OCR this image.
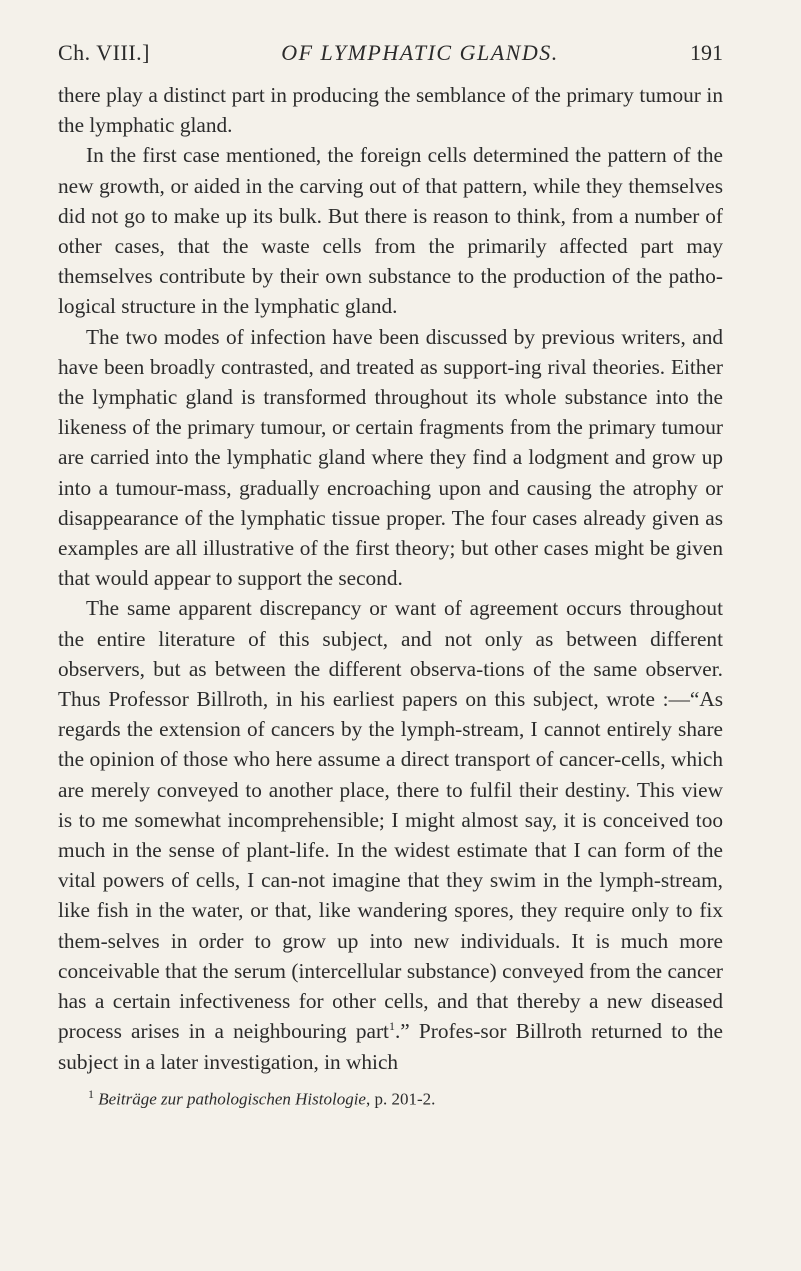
Ch. VIII.]	OF LYMPHATIC GLANDS.	191

there play a distinct part in producing the semblance of the primary tumour in the lymphatic gland.

In the first case mentioned, the foreign cells determined the pattern of the new growth, or aided in the carving out of that pattern, while they themselves did not go to make up its bulk. But there is reason to think, from a number of other cases, that the waste cells from the primarily affected part may themselves contribute by their own substance to the production of the patho-logical structure in the lymphatic gland.

The two modes of infection have been discussed by previous writers, and have been broadly contrasted, and treated as support-ing rival theories. Either the lymphatic gland is transformed throughout its whole substance into the likeness of the primary tumour, or certain fragments from the primary tumour are carried into the lymphatic gland where they find a lodgment and grow up into a tumour-mass, gradually encroaching upon and causing the atrophy or disappearance of the lymphatic tissue proper. The four cases already given as examples are all illustrative of the first theory; but other cases might be given that would appear to support the second.

The same apparent discrepancy or want of agreement occurs throughout the entire literature of this subject, and not only as between different observers, but as between the different observa-tions of the same observer. Thus Professor Billroth, in his earliest papers on this subject, wrote :—“As regards the extension of cancers by the lymph-stream, I cannot entirely share the opinion of those who here assume a direct transport of cancer-cells, which are merely conveyed to another place, there to fulfil their destiny. This view is to me somewhat incomprehensible; I might almost say, it is conceived too much in the sense of plant-life. In the widest estimate that I can form of the vital powers of cells, I can-not imagine that they swim in the lymph-stream, like fish in the water, or that, like wandering spores, they require only to fix them-selves in order to grow up into new individuals. It is much more conceivable that the serum (intercellular substance) conveyed from the cancer has a certain infectiveness for other cells, and that thereby a new diseased process arises in a neighbouring part$^1$.” Profes-sor Billroth returned to the subject in a later investigation, in which

$^1$ Beiträge zur pathologischen Histologie, p. 201-2.
